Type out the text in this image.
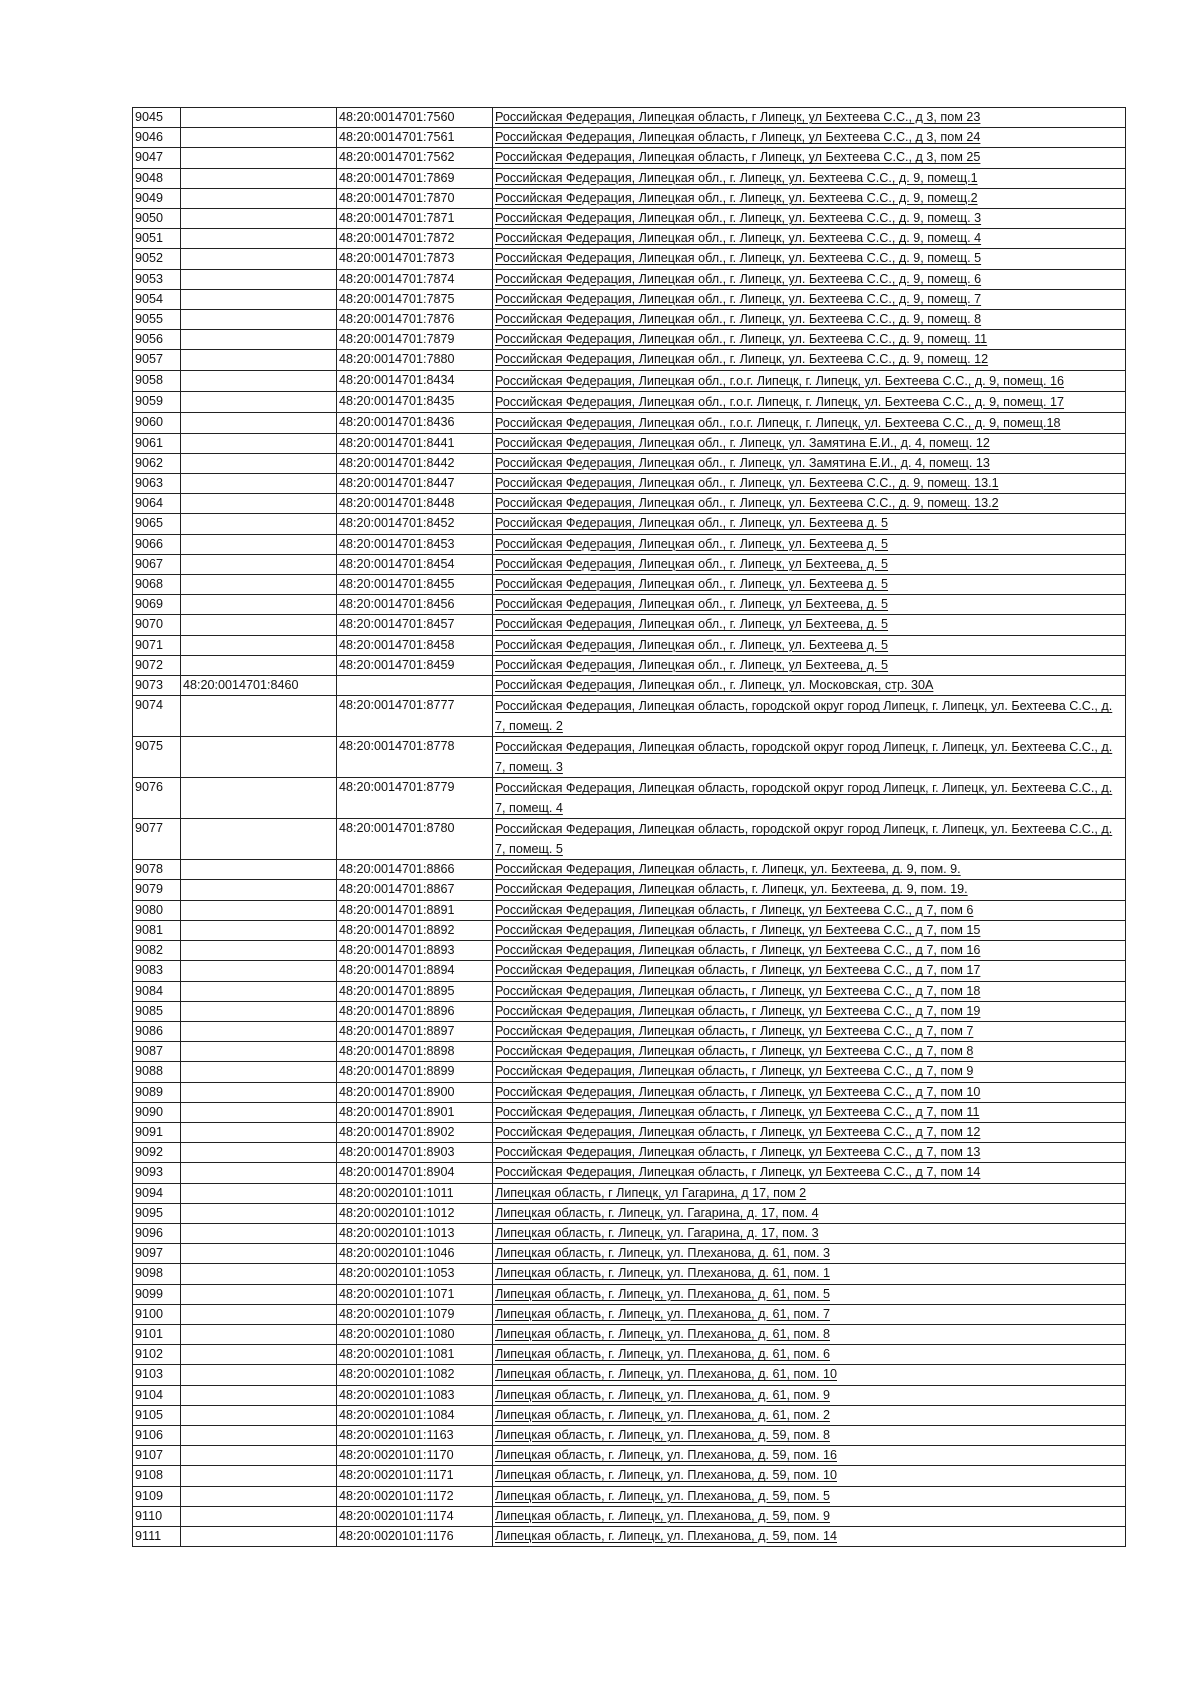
9045		48:20:0014701:7560	Российская Федерация, Липецкая область, г Липецк, ул Бехтеева С.С., д 3, пом 23
9046		48:20:0014701:7561	Российская Федерация, Липецкая область, г Липецк, ул Бехтеева С.С., д 3, пом 24
9047		48:20:0014701:7562	Российская Федерация, Липецкая область, г Липецк, ул Бехтеева С.С., д 3, пом 25
9048		48:20:0014701:7869	Российская Федерация, Липецкая обл., г. Липецк, ул. Бехтеева С.С., д. 9, помещ.1
9049		48:20:0014701:7870	Российская Федерация, Липецкая обл., г. Липецк, ул. Бехтеева С.С., д. 9, помещ.2
9050		48:20:0014701:7871	Российская Федерация, Липецкая обл., г. Липецк, ул. Бехтеева С.С., д. 9, помещ. 3
9051		48:20:0014701:7872	Российская Федерация, Липецкая обл., г. Липецк, ул. Бехтеева С.С., д. 9, помещ. 4
9052		48:20:0014701:7873	Российская Федерация, Липецкая обл., г. Липецк, ул. Бехтеева С.С., д. 9, помещ. 5
9053		48:20:0014701:7874	Российская Федерация, Липецкая обл., г. Липецк, ул. Бехтеева С.С., д. 9, помещ. 6
9054		48:20:0014701:7875	Российская Федерация, Липецкая обл., г. Липецк, ул. Бехтеева С.С., д. 9, помещ. 7
9055		48:20:0014701:7876	Российская Федерация, Липецкая обл., г. Липецк, ул. Бехтеева С.С., д. 9, помещ. 8
9056		48:20:0014701:7879	Российская Федерация, Липецкая обл., г. Липецк, ул. Бехтеева С.С., д. 9, помещ. 11
9057		48:20:0014701:7880	Российская Федерация, Липецкая обл., г. Липецк, ул. Бехтеева С.С., д. 9, помещ. 12
9058		48:20:0014701:8434	Российская Федерация, Липецкая обл., г.о.г. Липецк, г. Липецк, ул. Бехтеева С.С., д. 9, помещ. 16
9059		48:20:0014701:8435	Российская Федерация, Липецкая обл., г.о.г. Липецк, г. Липецк, ул. Бехтеева С.С., д. 9, помещ. 17
9060		48:20:0014701:8436	Российская Федерация, Липецкая обл., г.о.г. Липецк, г. Липецк, ул. Бехтеева С.С., д. 9, помещ.18
9061		48:20:0014701:8441	Российская Федерация, Липецкая обл., г. Липецк, ул. Замятина Е.И., д. 4, помещ. 12
9062		48:20:0014701:8442	Российская Федерация, Липецкая обл., г. Липецк, ул. Замятина Е.И., д. 4, помещ. 13
9063		48:20:0014701:8447	Российская Федерация, Липецкая обл., г. Липецк, ул. Бехтеева С.С., д. 9, помещ. 13.1
9064		48:20:0014701:8448	Российская Федерация, Липецкая обл., г. Липецк, ул. Бехтеева С.С., д. 9, помещ. 13.2
9065		48:20:0014701:8452	Российская Федерация, Липецкая обл., г. Липецк, ул. Бехтеева д. 5
9066		48:20:0014701:8453	Российская Федерация, Липецкая обл., г. Липецк, ул. Бехтеева д. 5
9067		48:20:0014701:8454	Российская Федерация, Липецкая обл., г. Липецк, ул Бехтеева, д. 5
9068		48:20:0014701:8455	Российская Федерация, Липецкая обл., г. Липецк, ул. Бехтеева д. 5
9069		48:20:0014701:8456	Российская Федерация, Липецкая обл., г. Липецк, ул Бехтеева, д. 5
9070		48:20:0014701:8457	Российская Федерация, Липецкая обл., г. Липецк, ул Бехтеева, д. 5
9071		48:20:0014701:8458	Российская Федерация, Липецкая обл., г. Липецк, ул. Бехтеева д. 5
9072		48:20:0014701:8459	Российская Федерация, Липецкая обл., г. Липецк, ул Бехтеева, д. 5
9073	48:20:0014701:8460		Российская Федерация, Липецкая обл., г. Липецк, ул. Московская, стр. 30А
9074		48:20:0014701:8777	Российская Федерация, Липецкая область, городской округ город Липецк, г. Липецк, ул. Бехтеева С.С., д. 7, помещ. 2
9075		48:20:0014701:8778	Российская Федерация, Липецкая область, городской округ город Липецк, г. Липецк, ул. Бехтеева С.С., д. 7, помещ. 3
9076		48:20:0014701:8779	Российская Федерация, Липецкая область, городской округ город Липецк, г. Липецк, ул. Бехтеева С.С., д. 7, помещ. 4
9077		48:20:0014701:8780	Российская Федерация, Липецкая область, городской округ город Липецк, г. Липецк, ул. Бехтеева С.С., д. 7, помещ. 5
9078		48:20:0014701:8866	Российская Федерация, Липецкая область, г. Липецк, ул. Бехтеева, д. 9, пом. 9.
9079		48:20:0014701:8867	Российская Федерация, Липецкая область, г. Липецк, ул. Бехтеева, д. 9, пом. 19.
9080		48:20:0014701:8891	Российская Федерация, Липецкая область, г Липецк, ул Бехтеева С.С., д 7, пом 6
9081		48:20:0014701:8892	Российская Федерация, Липецкая область, г Липецк, ул Бехтеева С.С., д 7, пом 15
9082		48:20:0014701:8893	Российская Федерация, Липецкая область, г Липецк, ул Бехтеева С.С., д 7, пом 16
9083		48:20:0014701:8894	Российская Федерация, Липецкая область, г Липецк, ул Бехтеева С.С., д 7, пом 17
9084		48:20:0014701:8895	Российская Федерация, Липецкая область, г Липецк, ул Бехтеева С.С., д 7, пом 18
9085		48:20:0014701:8896	Российская Федерация, Липецкая область, г Липецк, ул Бехтеева С.С., д 7, пом 19
9086		48:20:0014701:8897	Российская Федерация, Липецкая область, г Липецк, ул Бехтеева С.С., д 7, пом 7
9087		48:20:0014701:8898	Российская Федерация, Липецкая область, г Липецк, ул Бехтеева С.С., д 7, пом 8
9088		48:20:0014701:8899	Российская Федерация, Липецкая область, г Липецк, ул Бехтеева С.С., д 7, пом 9
9089		48:20:0014701:8900	Российская Федерация, Липецкая область, г Липецк, ул Бехтеева С.С., д 7, пом 10
9090		48:20:0014701:8901	Российская Федерация, Липецкая область, г Липецк, ул Бехтеева С.С., д 7, пом 11
9091		48:20:0014701:8902	Российская Федерация, Липецкая область, г Липецк, ул Бехтеева С.С., д 7, пом 12
9092		48:20:0014701:8903	Российская Федерация, Липецкая область, г Липецк, ул Бехтеева С.С., д 7, пом 13
9093		48:20:0014701:8904	Российская Федерация, Липецкая область, г Липецк, ул Бехтеева С.С., д 7, пом 14
9094		48:20:0020101:1011	Липецкая область, г Липецк, ул Гагарина, д 17, пом 2
9095		48:20:0020101:1012	Липецкая область, г. Липецк, ул. Гагарина, д. 17, пом. 4
9096		48:20:0020101:1013	Липецкая область, г. Липецк, ул. Гагарина, д. 17, пом. 3
9097		48:20:0020101:1046	Липецкая область, г. Липецк, ул. Плеханова, д. 61, пом. 3
9098		48:20:0020101:1053	Липецкая область, г. Липецк, ул. Плеханова, д. 61, пом. 1
9099		48:20:0020101:1071	Липецкая область, г. Липецк, ул. Плеханова, д. 61, пом. 5
9100		48:20:0020101:1079	Липецкая область, г. Липецк, ул. Плеханова, д. 61, пом. 7
9101		48:20:0020101:1080	Липецкая область, г. Липецк, ул. Плеханова, д. 61, пом. 8
9102		48:20:0020101:1081	Липецкая область, г. Липецк, ул. Плеханова, д. 61, пом. 6
9103		48:20:0020101:1082	Липецкая область, г. Липецк, ул. Плеханова, д. 61, пом. 10
9104		48:20:0020101:1083	Липецкая область, г. Липецк, ул. Плеханова, д. 61, пом. 9
9105		48:20:0020101:1084	Липецкая область, г. Липецк, ул. Плеханова, д. 61, пом. 2
9106		48:20:0020101:1163	Липецкая область, г. Липецк, ул. Плеханова, д. 59, пом. 8
9107		48:20:0020101:1170	Липецкая область, г. Липецк, ул. Плеханова, д. 59, пом. 16
9108		48:20:0020101:1171	Липецкая область, г. Липецк, ул. Плеханова, д. 59, пом. 10
9109		48:20:0020101:1172	Липецкая область, г. Липецк, ул. Плеханова, д. 59, пом. 5
9110		48:20:0020101:1174	Липецкая область, г. Липецк, ул. Плеханова, д. 59, пом. 9
9111		48:20:0020101:1176	Липецкая область, г. Липецк, ул. Плеханова, д. 59, пом. 14
